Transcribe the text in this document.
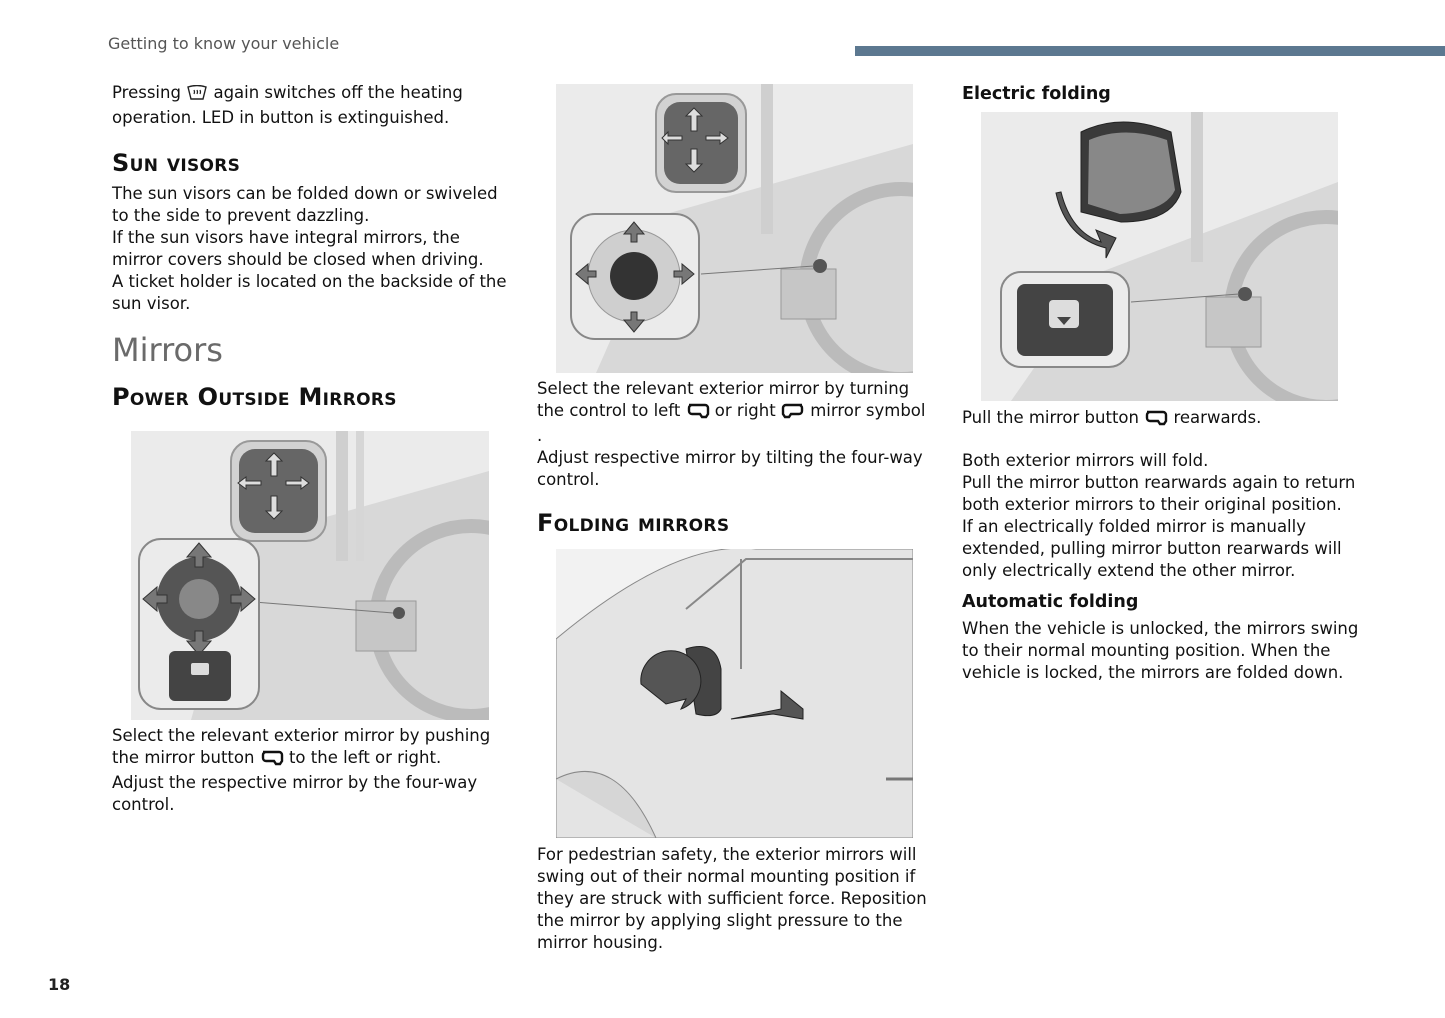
Getting to know your vehicle

Pressing again switches off the heating operation. LED in button is extinguished.

Sun visors

The sun visors can be folded down or swiveled to the side to prevent dazzling.

If the sun visors have integral mirrors, the mirror covers should be closed when driving.

A ticket holder is located on the backside of the sun visor.

Mirrors
Power Outside Mirrors

Select the relevant exterior mirror by pushing the mirror button to the left or right.

Adjust the respective mirror by the four-way control.

Select the relevant exterior mirror by turning the control to left or right mirror symbol .

Adjust respective mirror by tilting the four-way control.

Folding mirrors

For pedestrian safety, the exterior mirrors will swing out of their normal mounting position if they are struck with sufficient force. Reposition the mirror by applying slight pressure to the mirror housing.

Electric folding

Pull the mirror button rearwards.

Both exterior mirrors will fold.

Pull the mirror button rearwards again to return both exterior mirrors to their original position.

If an electrically folded mirror is manually extended, pulling mirror button rearwards will only electrically extend the other mirror.

Automatic folding

When the vehicle is unlocked, the mirrors swing to their normal mounting position. When the vehicle is locked, the mirrors are folded down.

18
